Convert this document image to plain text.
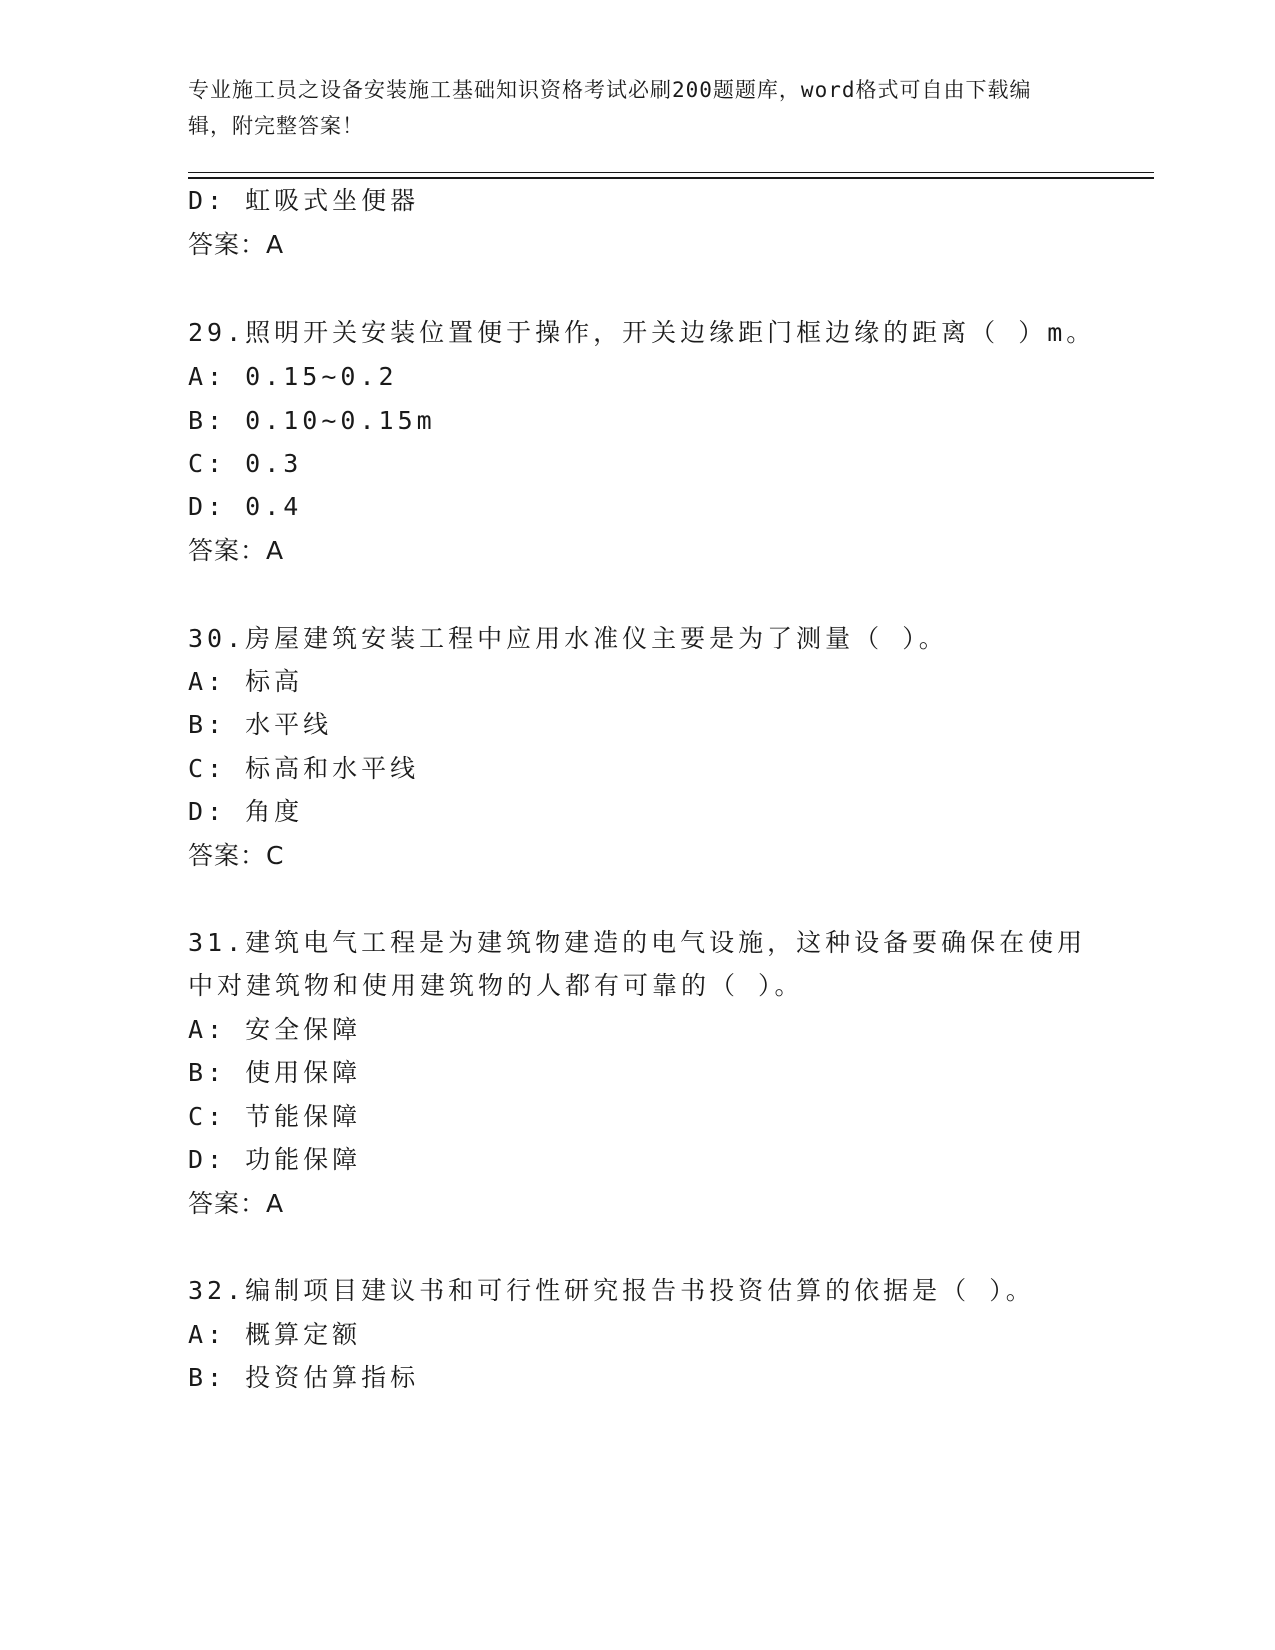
专业施工员之设备安装施工基础知识资格考试必刷200题题库，word格式可自由下载编辑，附完整答案！
D: 虹吸式坐便器
答案：A
29.照明开关安装位置便于操作，开关边缘距门框边缘的距离（ ）m。
A: 0.15~0.2
B: 0.10~0.15m
C: 0.3
D: 0.4
答案：A
30.房屋建筑安装工程中应用水准仪主要是为了测量（ ）。
A: 标高
B: 水平线
C: 标高和水平线
D: 角度
答案：C
31.建筑电气工程是为建筑物建造的电气设施，这种设备要确保在使用
中对建筑物和使用建筑物的人都有可靠的（ ）。
A: 安全保障
B: 使用保障
C: 节能保障
D: 功能保障
答案：A
32.编制项目建议书和可行性研究报告书投资估算的依据是（ ）。
A: 概算定额
B: 投资估算指标
